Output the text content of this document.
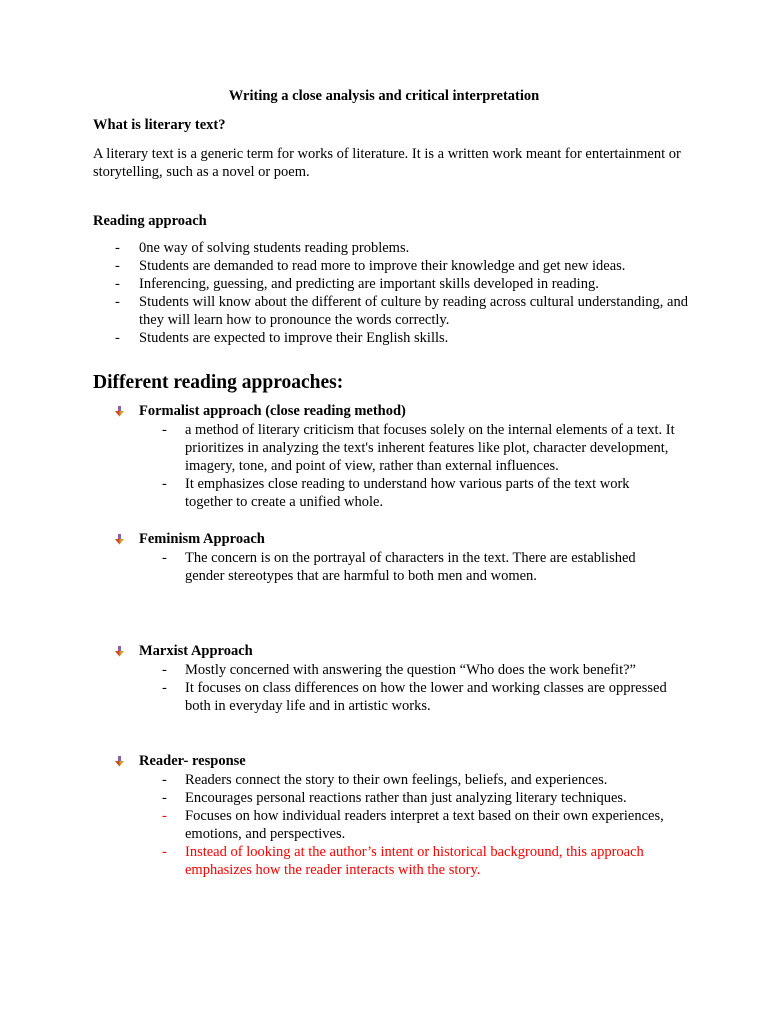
Writing a close analysis and critical interpretation
What is literary text?

A literary text is a generic term for works of literature. It is a written work meant for entertainment or storytelling, such as a novel or poem.

Reading approach
- 0ne way of solving students reading problems.
- Students are demanded to read more to improve their knowledge and get new ideas.
- Inferencing, guessing, and predicting are important skills developed in reading.
- Students will know about the different of culture by reading across cultural understanding, and they will learn how to pronounce the words correctly.
- Students are expected to improve their English skills.
Different reading approaches:
Formalist approach (close reading method)
- a method of literary criticism that focuses solely on the internal elements of a text. It prioritizes in analyzing the text's inherent features like plot, character development, imagery, tone, and point of view, rather than external influences.
- It emphasizes close reading to understand how various parts of the text work together to create a unified whole.
Feminism Approach
- The concern is on the portrayal of characters in the text. There are established gender stereotypes that are harmful to both men and women.
Marxist Approach
- Mostly concerned with answering the question “Who does the work benefit?”
- It focuses on class differences on how the lower and working classes are oppressed both in everyday life and in artistic works.
Reader- response
- Readers connect the story to their own feelings, beliefs, and experiences.
- Encourages personal reactions rather than just analyzing literary techniques.
- Focuses on how individual readers interpret a text based on their own experiences, emotions, and perspectives.
- Instead of looking at the author’s intent or historical background, this approach emphasizes how the reader interacts with the story.
